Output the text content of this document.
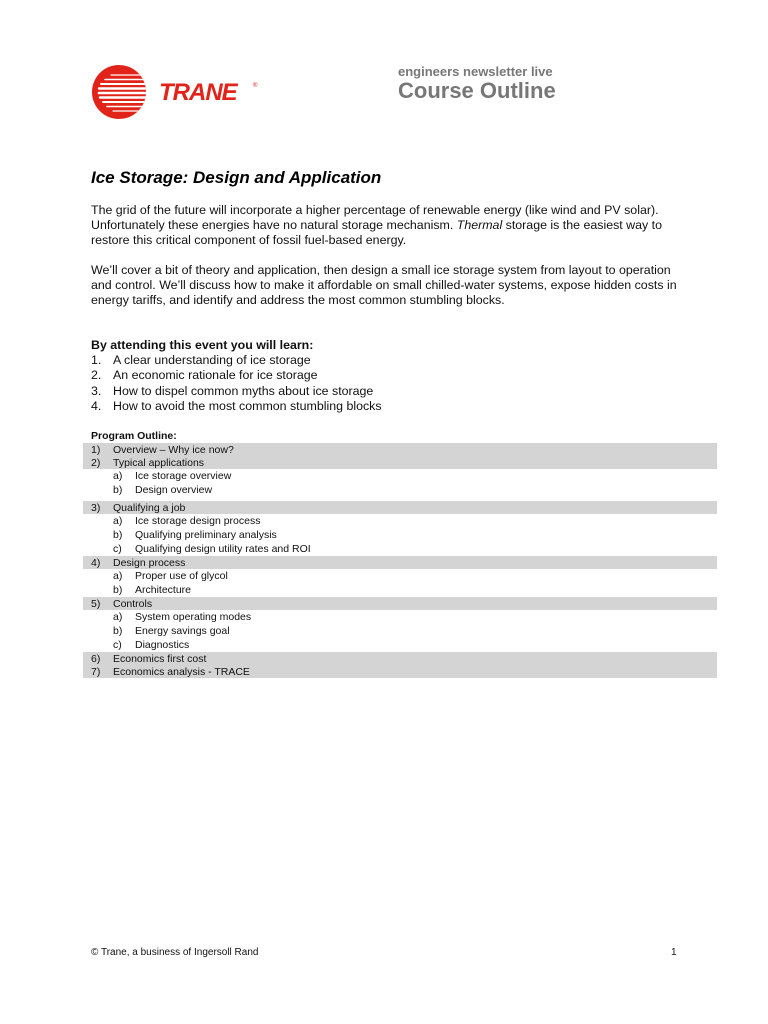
TRANE	®
engineers newsletter live
Course Outline
Ice Storage: Design and Application

The grid of the future will incorporate a higher percentage of renewable energy (like wind and PV solar). Unfortunately these energies have no natural storage mechanism. Thermal storage is the easiest way to restore this critical component of fossil fuel-based energy.

We’ll cover a bit of theory and application, then design a small ice storage system from layout to operation and control. We’ll discuss how to make it affordable on small chilled-water systems, expose hidden costs in energy tariffs, and identify and address the most common stumbling blocks.

By attending this event you will learn:
1. A clear understanding of ice storage
2. An economic rationale for ice storage
3. How to dispel common myths about ice storage
4. How to avoid the most common stumbling blocks
Program Outline:
1)	Overview – Why ice now?
2)	Typical applications
a)	Ice storage overview
b)	Design overview
3)	Qualifying a job
a)	Ice storage design process
b)	Qualifying preliminary analysis
c)	Qualifying design utility rates and ROI
4)	Design process
a)	Proper use of glycol
b)	Architecture
5)	Controls
a)	System operating modes
b)	Energy savings goal
c)	Diagnostics
6)	Economics first cost
7)	Economics analysis - TRACE
© Trane, a business of Ingersoll Rand	1
